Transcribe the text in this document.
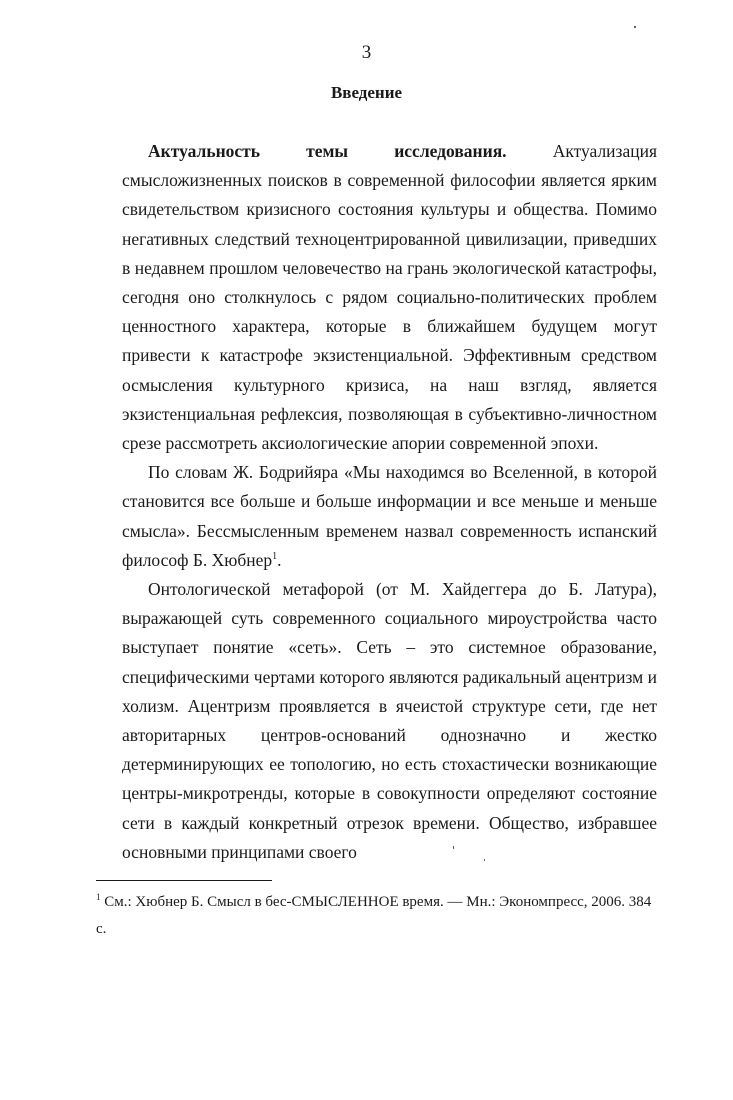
3
Введение

Актуальность темы исследования.	Актуализация смысложизненных поисков в современной философии является ярким свидетельством кризисного состояния культуры и общества. Помимо негативных следствий техноцентрированной цивилизации, приведших в недавнем прошлом человечество на грань экологической катастрофы, сегодня оно столкнулось с рядом социально-политических проблем ценностного характера, которые в ближайшем будущем могут привести к катастрофе экзистенциальной. Эффективным средством осмысления культурного кризиса, на наш взгляд, является экзистенциальная рефлексия, позволяющая в субъективно-личностном срезе рассмотреть аксиологические апории современной эпохи.

По словам Ж. Бодрийяра «Мы находимся во Вселенной, в которой становится все больше и больше информации и все меньше и меньше смысла». Бессмысленным временем назвал современность испанский философ Б. Хюбнер$^1$.

Онтологической метафорой (от М. Хайдеггера до Б. Латура), выражающей суть современного социального мироустройства часто выступает понятие «сеть». Сеть – это системное образование, специфическими чертами которого являются радикальный ацентризм и холизм. Ацентризм проявляется в ячеистой структуре сети, где нет авторитарных центров-оснований однозначно и жестко детерминирующих ее топологию, но есть стохастически возникающие центры-микротренды, которые в совокупности определяют состояние сети в каждый конкретный отрезок времени. Общество, избравшее основными принципами своего

$^1$ См.: Хюбнер Б. Смысл в бес-СМЫСЛЕННОЕ время. — Мн.: Экономпресс, 2006. 384 с.
